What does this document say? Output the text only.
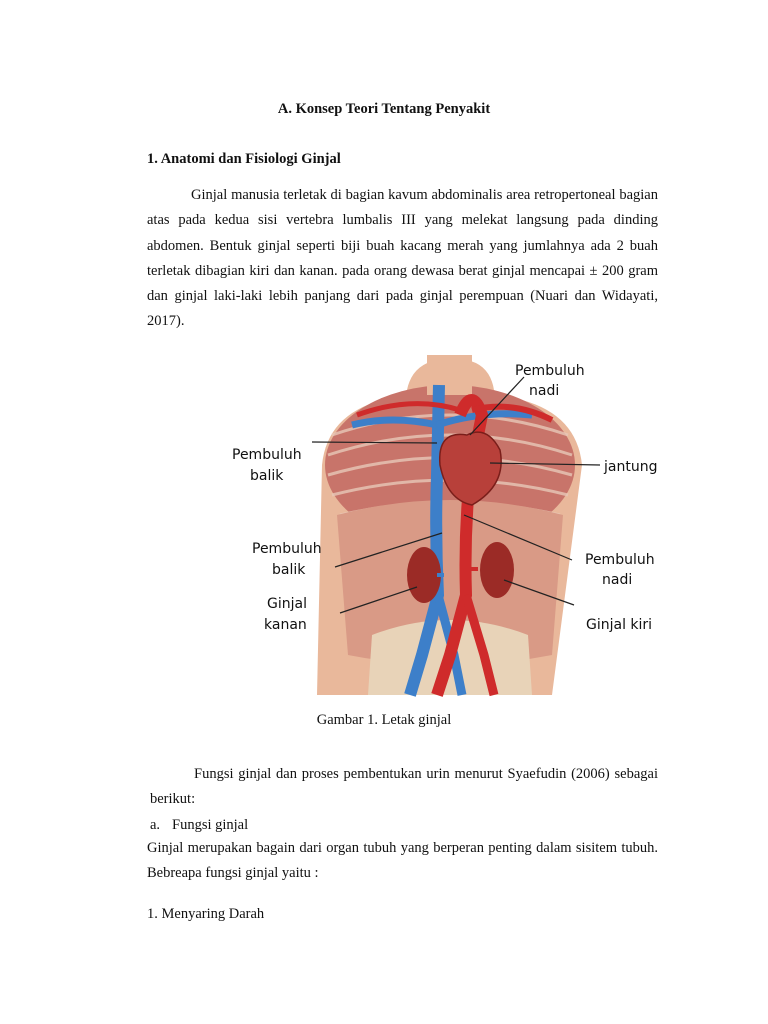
A. Konsep Teori Tentang Penyakit
1. Anatomi dan Fisiologi Ginjal
Ginjal manusia terletak di bagian kavum abdominalis area retropertoneal bagian atas pada kedua sisi vertebra lumbalis III yang melekat langsung pada dinding abdomen. Bentuk ginjal seperti biji buah kacang merah yang jumlahnya ada 2 buah terletak dibagian kiri dan kanan. pada orang dewasa berat ginjal mencapai ± 200 gram dan ginjal laki-laki lebih panjang dari pada ginjal perempuan (Nuari dan Widayati, 2017).
Pembuluh
nadi
Pembuluh
balik
jantung
Pembuluh
balik
Pembuluh
nadi
Ginjal
kanan	Ginjal kiri
Gambar 1. Letak ginjal
Fungsi ginjal dan proses pembentukan urin menurut Syaefudin (2006) sebagai berikut:
a. Fungsi ginjal
Ginjal merupakan bagain dari organ tubuh yang berperan penting dalam sisitem tubuh. Bebreapa fungsi ginjal yaitu :
1. Menyaring Darah
